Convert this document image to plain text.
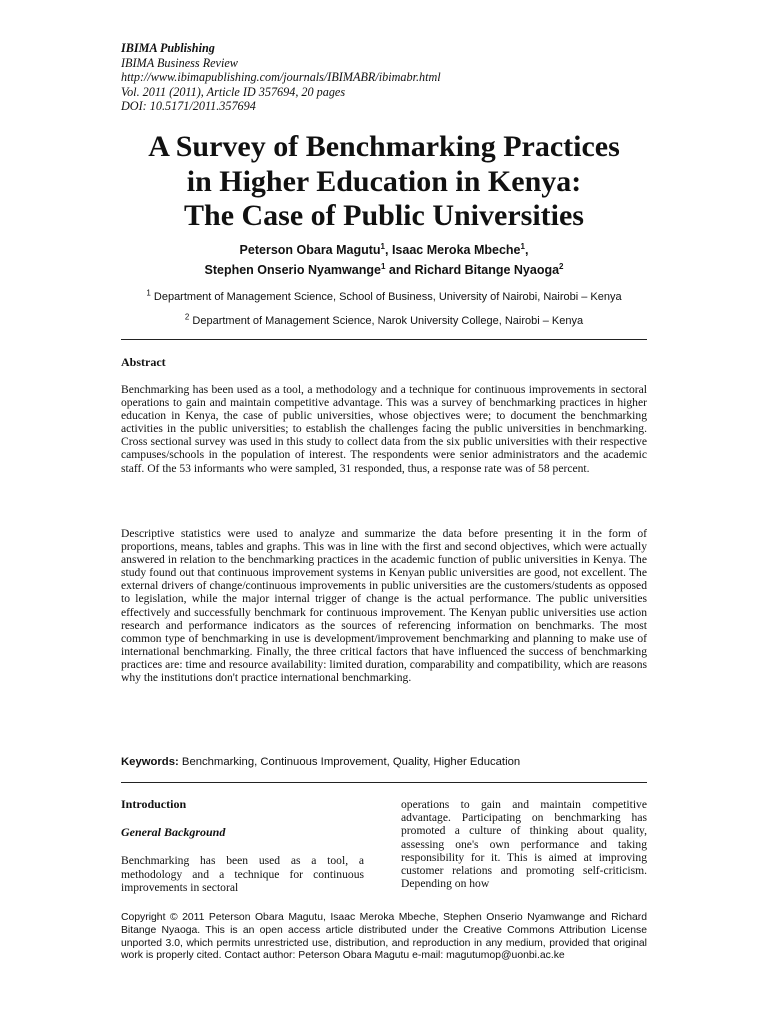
IBIMA Publishing
IBIMA Business Review
http://www.ibimapublishing.com/journals/IBIMABR/ibimabr.html
Vol. 2011 (2011), Article ID 357694, 20 pages
DOI: 10.5171/2011.357694
A Survey of Benchmarking Practices
in Higher Education in Kenya:
The Case of Public Universities
Peterson Obara Magutu$^1$, Isaac Meroka Mbeche$^1$,
Stephen Onserio Nyamwange$^1$ and Richard Bitange Nyaoga$^2$
$^1$ Department of Management Science, School of Business, University of Nairobi, Nairobi – Kenya
$^2$ Department of Management Science, Narok University College, Nairobi – Kenya
Abstract
Benchmarking has been used as a tool, a methodology and a technique for continuous improvements in sectoral operations to gain and maintain competitive advantage. This was a survey of benchmarking practices in higher education in Kenya, the case of public universities, whose objectives were; to document the benchmarking activities in the public universities; to establish the challenges facing the public universities in benchmarking. Cross sectional survey was used in this study to collect data from the six public universities with their respective campuses/schools in the population of interest. The respondents were senior administrators and the academic staff. Of the 53 informants who were sampled, 31 responded, thus, a response rate was of 58 percent.
Descriptive statistics were used to analyze and summarize the data before presenting it in the form of proportions, means, tables and graphs. This was in line with the first and second objectives, which were actually answered in relation to the benchmarking practices in the academic function of public universities in Kenya. The study found out that continuous improvement systems in Kenyan public universities are good, not excellent. The external drivers of change/continuous improvements in public universities are the customers/students as opposed to legislation, while the major internal trigger of change is the actual performance. The public universities effectively and successfully benchmark for continuous improvement. The Kenyan public universities use action research and performance indicators as the sources of referencing information on benchmarks. The most common type of benchmarking in use is development/improvement benchmarking and planning to make use of international benchmarking. Finally, the three critical factors that have influenced the success of benchmarking practices are: time and resource availability: limited duration, comparability and compatibility, which are reasons why the institutions don't practice international benchmarking.
Keywords: Benchmarking, Continuous Improvement, Quality, Higher Education
Introduction
General Background
Benchmarking has been used as a tool, a methodology and a technique for continuous improvements in sectoral
operations to gain and maintain competitive advantage. Participating on benchmarking has promoted a culture of thinking about quality, assessing one's own performance and taking responsibility for it. This is aimed at improving customer relations and promoting self-criticism. Depending on how
Copyright © 2011 Peterson Obara Magutu, Isaac Meroka Mbeche, Stephen Onserio Nyamwange and Richard Bitange Nyaoga. This is an open access article distributed under the Creative Commons Attribution License unported 3.0, which permits unrestricted use, distribution, and reproduction in any medium, provided that original work is properly cited. Contact author: Peterson Obara Magutu e-mail: magutumop@uonbi.ac.ke
